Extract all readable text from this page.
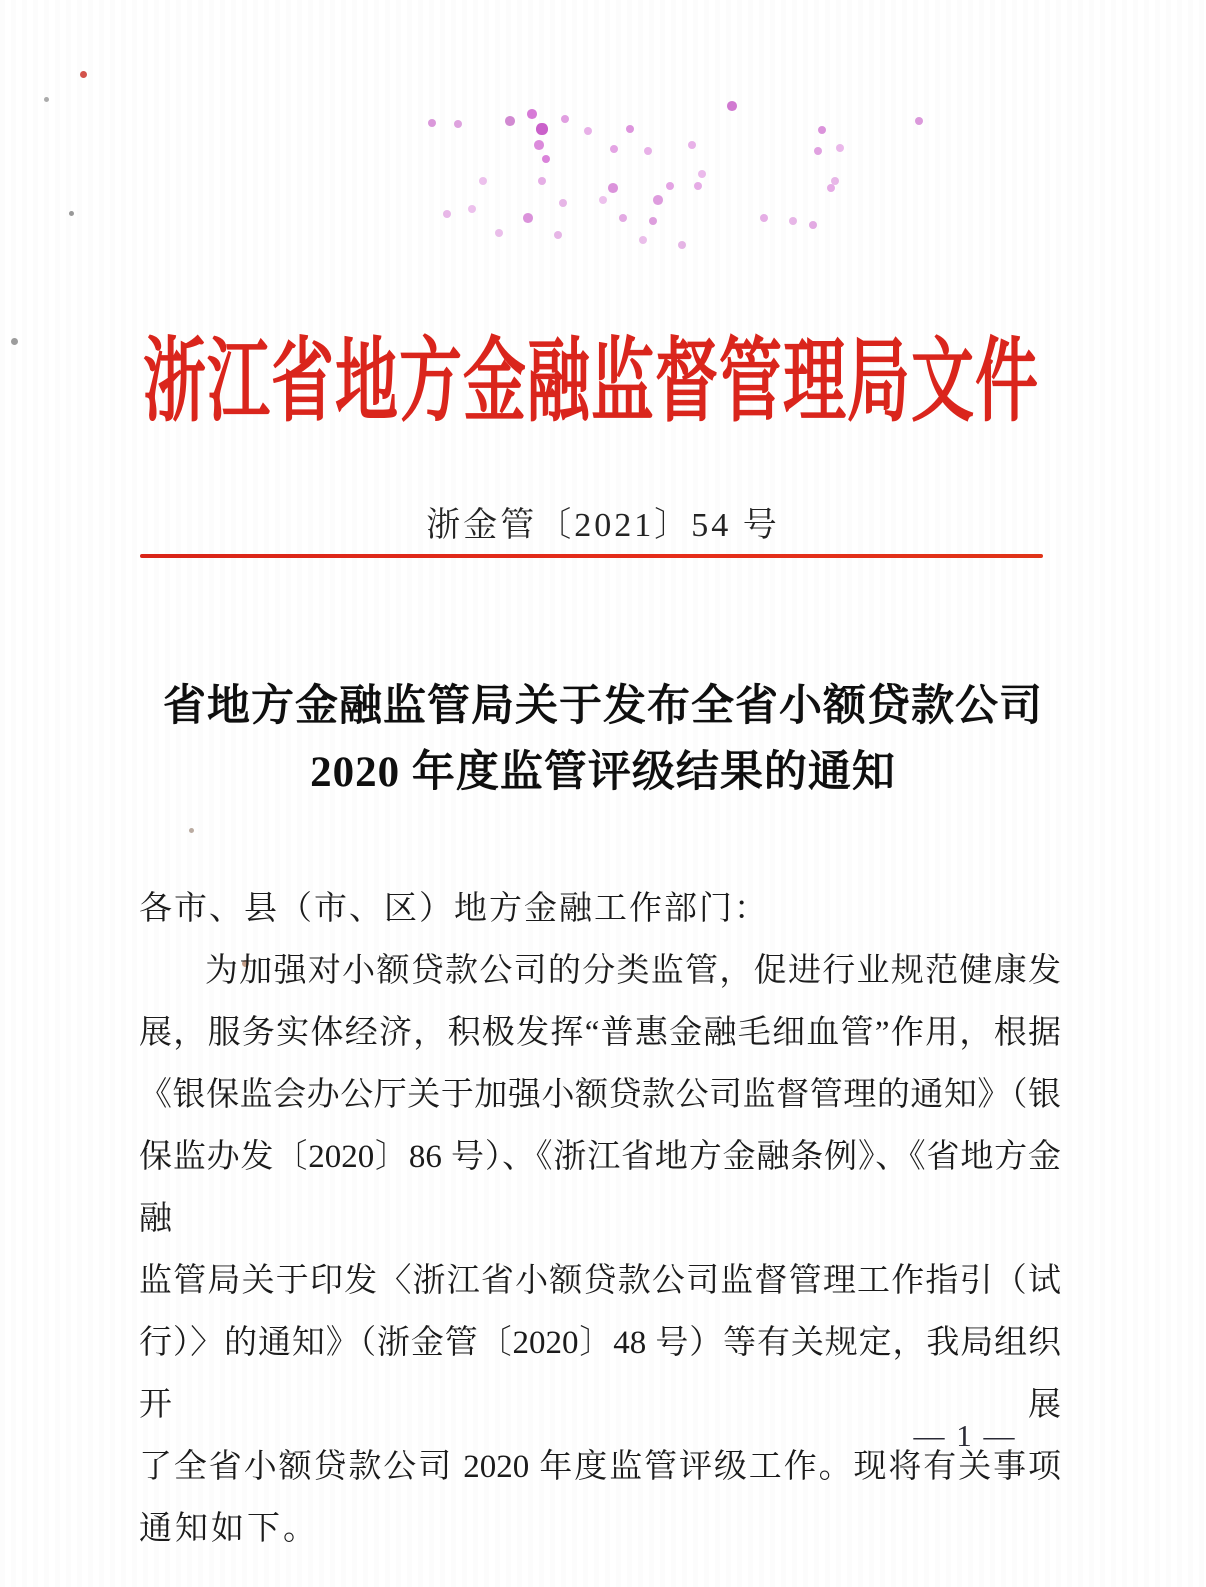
浙江省地方金融监督管理局文件
浙金管〔2021〕54 号
省地方金融监管局关于发布全省小额贷款公司
2020 年度监管评级结果的通知
各市、县（市、区）地方金融工作部门：
为加强对小额贷款公司的分类监管，促进行业规范健康发
展，服务实体经济，积极发挥“普惠金融毛细血管”作用，根据
《银保监会办公厅关于加强小额贷款公司监督管理的通知》（银
保监办发〔2020〕86 号）、《浙江省地方金融条例》、《省地方金融
监管局关于印发〈浙江省小额贷款公司监督管理工作指引（试
行）〉的通知》（浙金管〔2020〕48 号）等有关规定，我局组织开展
了全省小额贷款公司 2020 年度监管评级工作。现将有关事项
通知如下。
— 1 —
